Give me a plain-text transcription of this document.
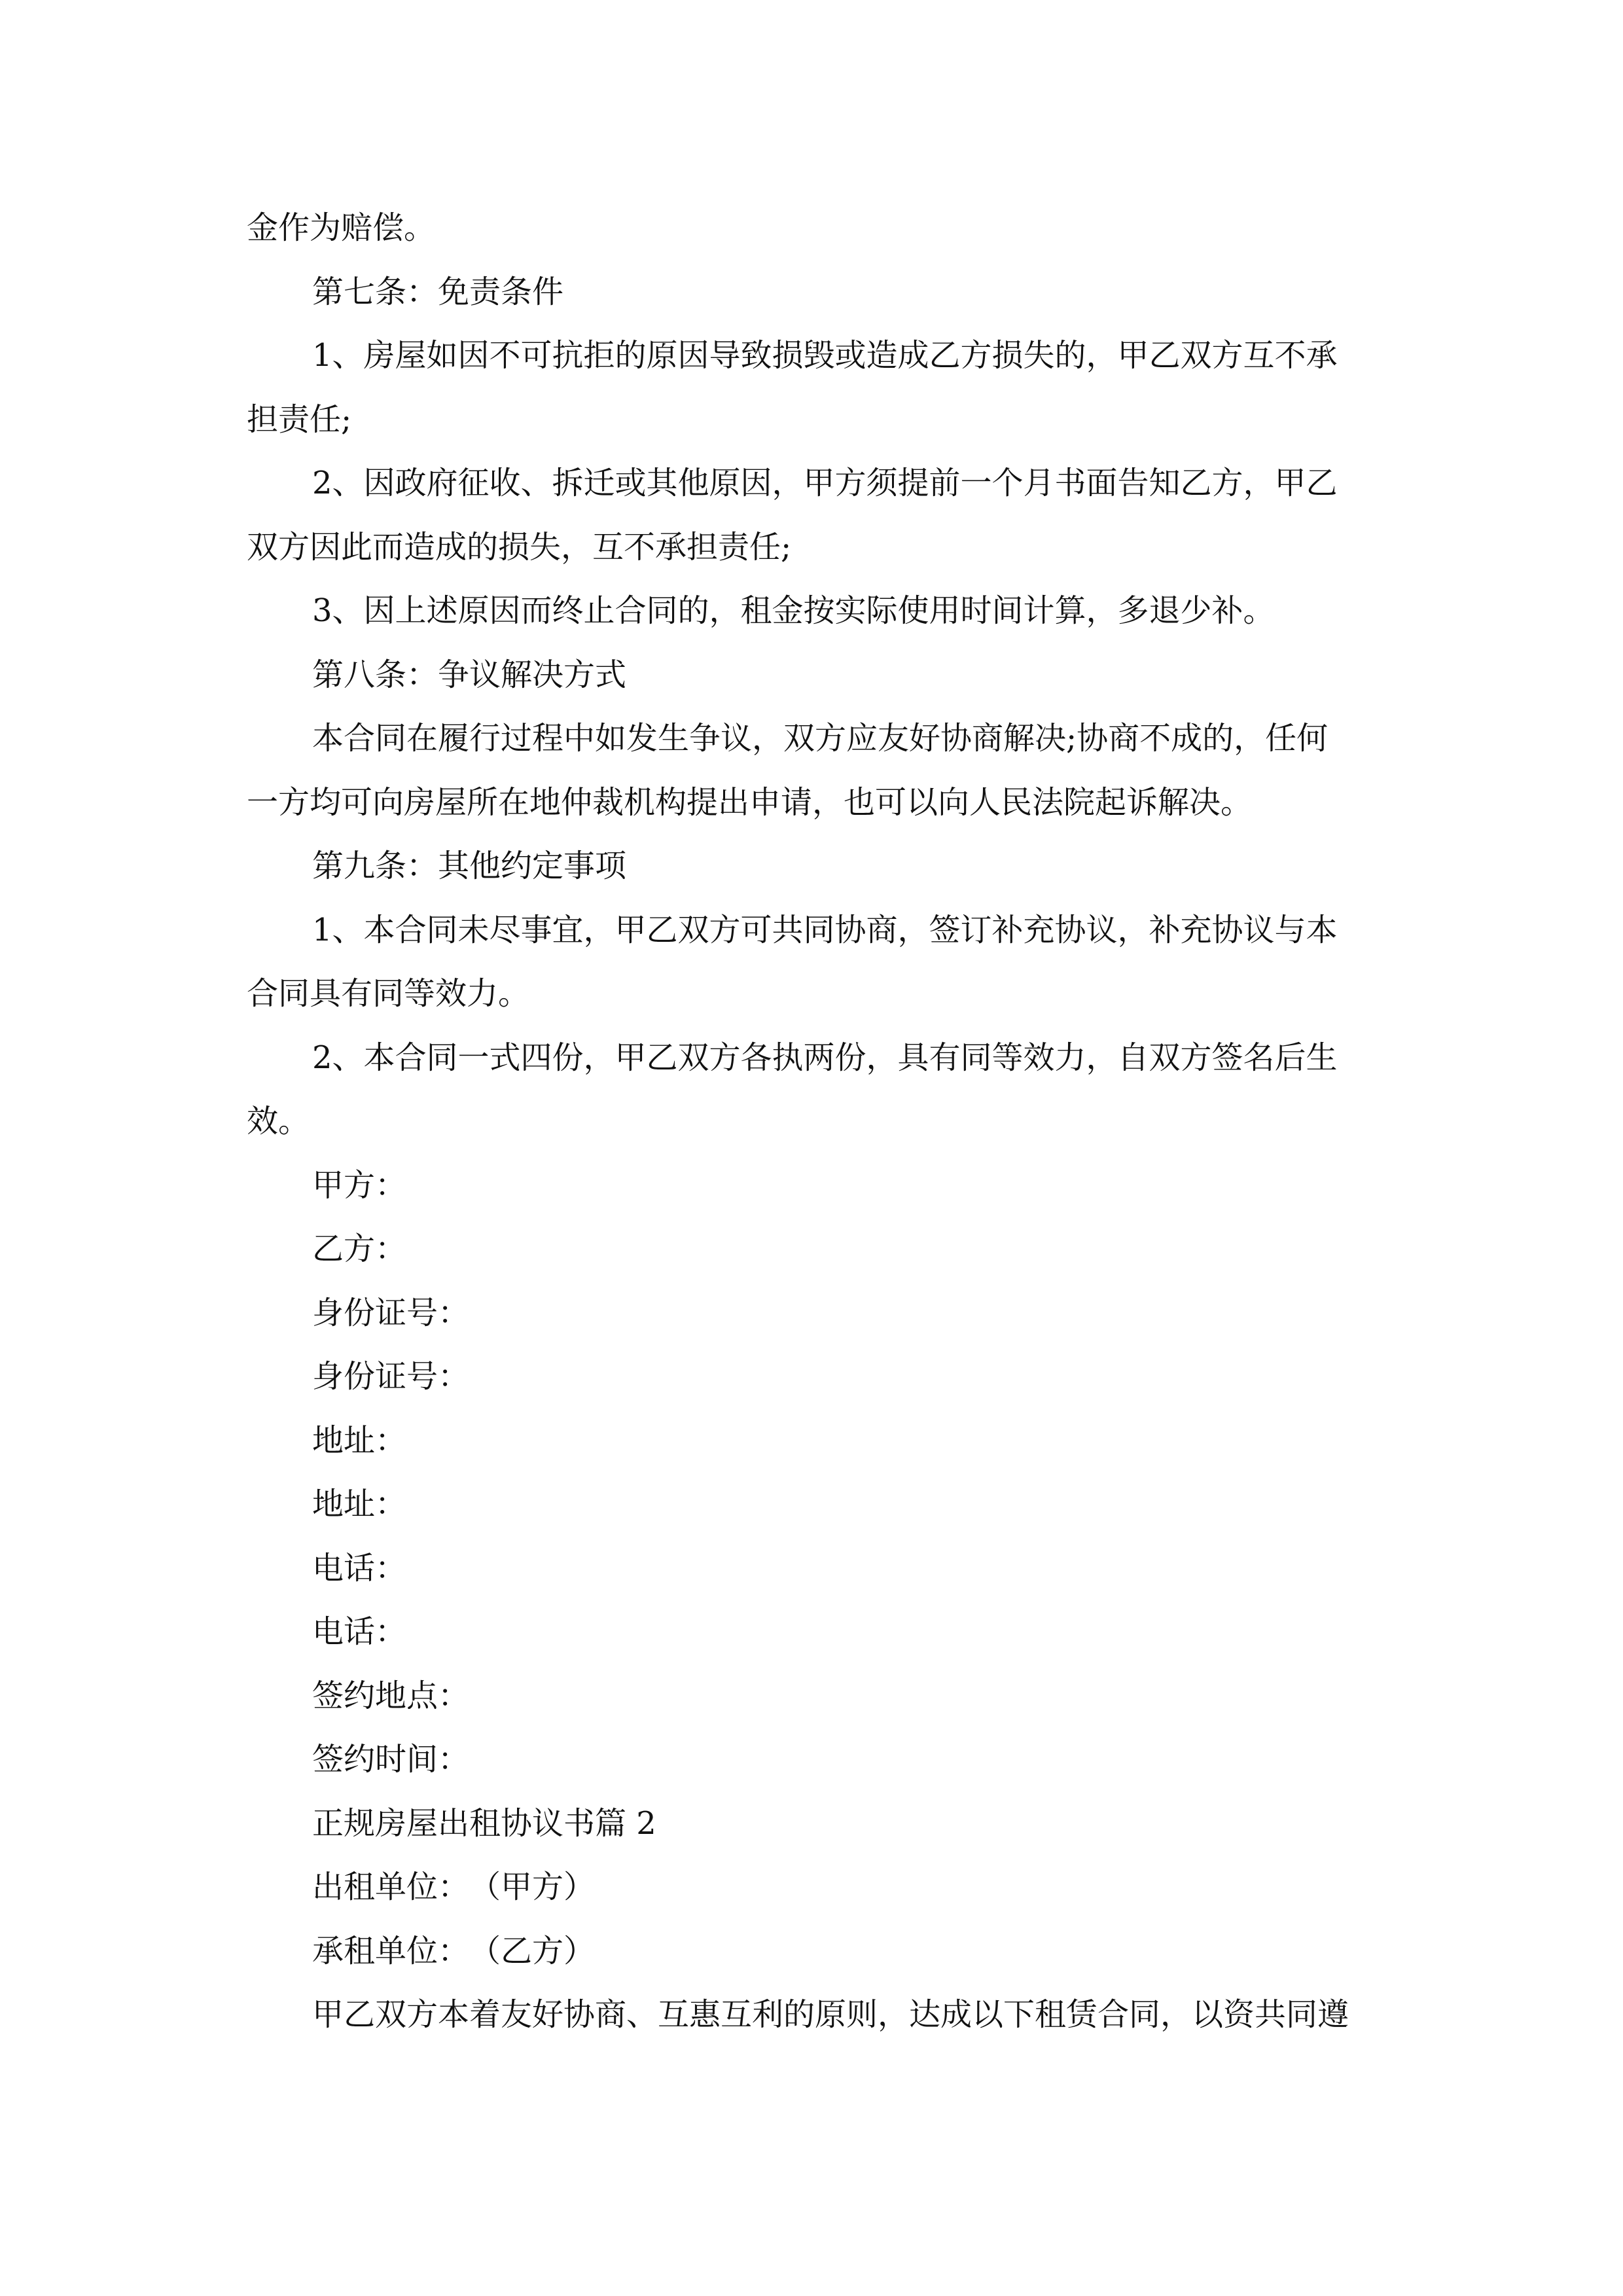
金作为赔偿。

第七条：免责条件

1、房屋如因不可抗拒的原因导致损毁或造成乙方损失的，甲乙双方互不承

担责任;

2、因政府征收、拆迁或其他原因，甲方须提前一个月书面告知乙方，甲乙

双方因此而造成的损失，互不承担责任;

3、因上述原因而终止合同的，租金按实际使用时间计算，多退少补。

第八条：争议解决方式

本合同在履行过程中如发生争议，双方应友好协商解决;协商不成的，任何

一方均可向房屋所在地仲裁机构提出申请，也可以向人民法院起诉解决。

第九条：其他约定事项

1、本合同未尽事宜，甲乙双方可共同协商，签订补充协议，补充协议与本

合同具有同等效力。

2、本合同一式四份，甲乙双方各执两份，具有同等效力，自双方签名后生

效。

甲方：

乙方：

身份证号：

身份证号：

地址：

地址：

电话：

电话：

签约地点：

签约时间：

正规房屋出租协议书篇 2

出租单位：　（甲方）

承租单位：　（乙方）

甲乙双方本着友好协商、互惠互利的原则，达成以下租赁合同，以资共同遵
